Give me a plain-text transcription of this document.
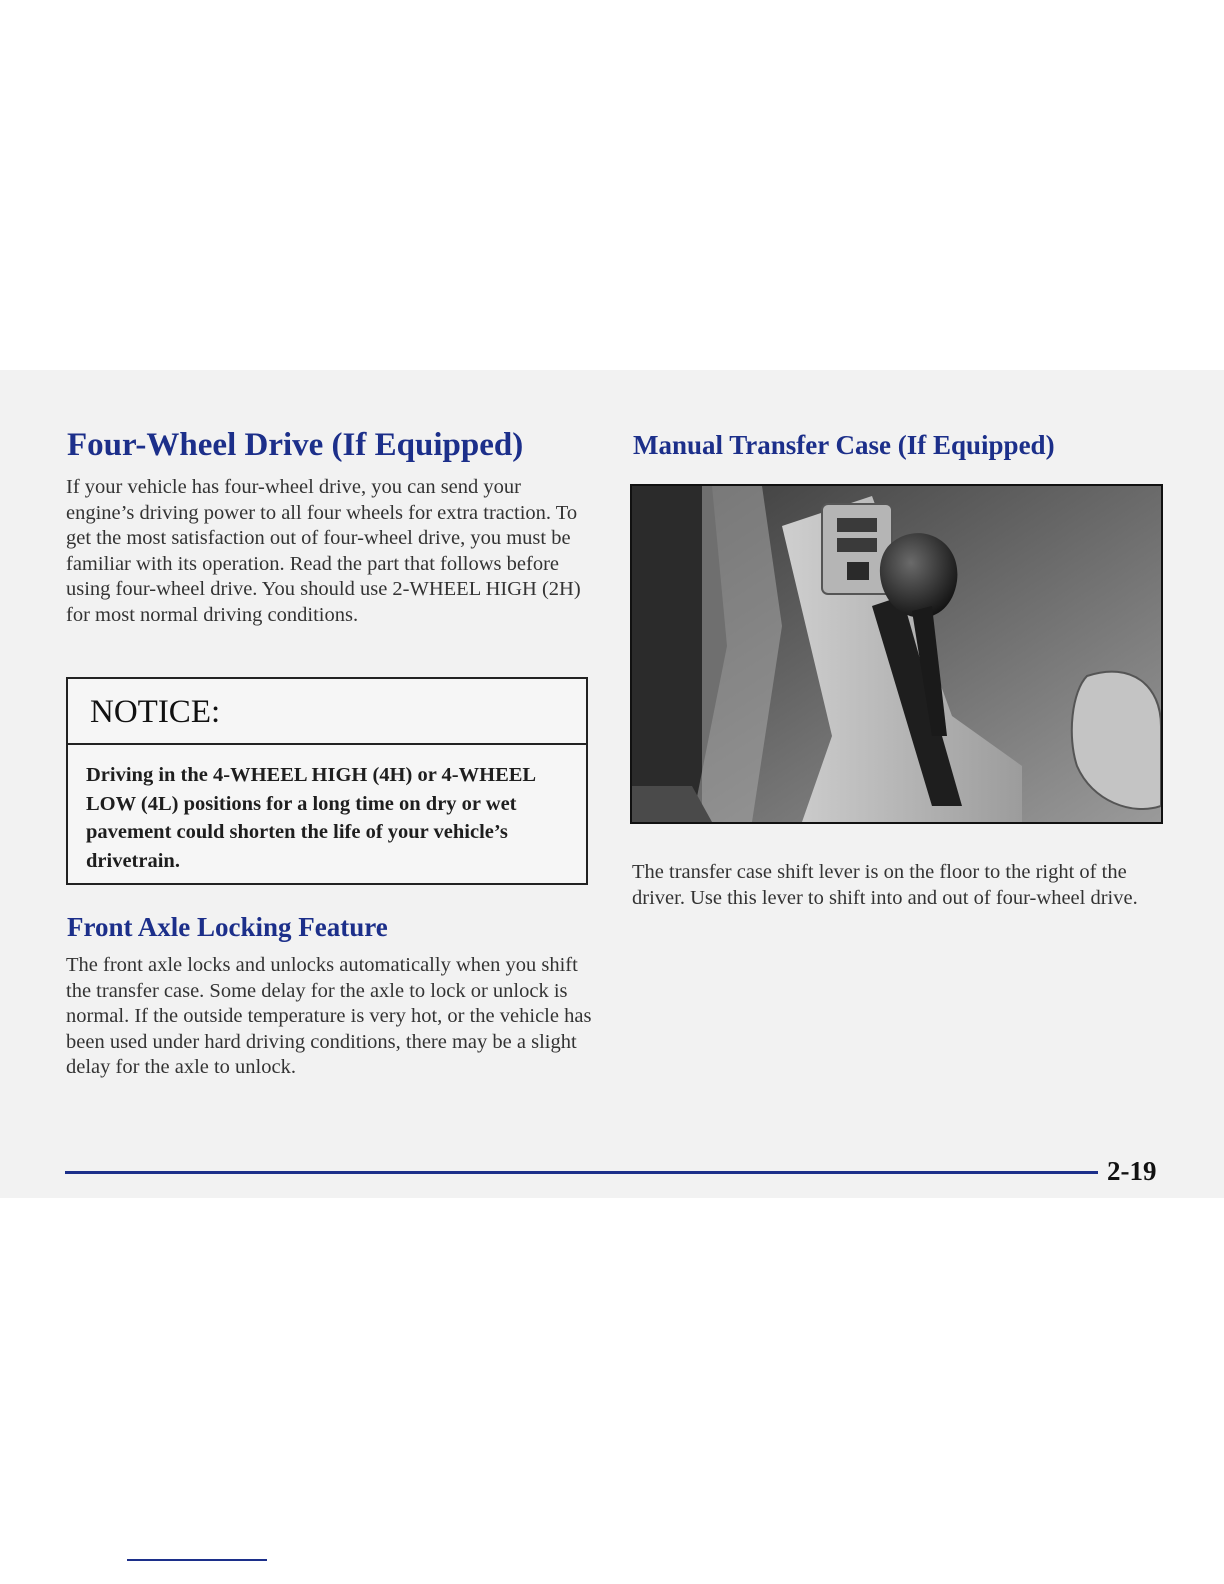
Four-Wheel Drive (If Equipped)

If your vehicle has four-wheel drive, you can send your engine’s driving power to all four wheels for extra traction. To get the most satisfaction out of four-wheel drive, you must be familiar with its operation. Read the part that follows before using four-wheel drive. You should use 2-WHEEL HIGH (2H) for most normal driving conditions.

NOTICE:

Driving in the 4-WHEEL HIGH (4H) or 4-WHEEL LOW (4L) positions for a long time on dry or wet pavement could shorten the life of your vehicle’s drivetrain.

Front Axle Locking Feature

The front axle locks and unlocks automatically when you shift the transfer case. Some delay for the axle to lock or unlock is normal. If the outside temperature is very hot, or the vehicle has been used under hard driving conditions, there may be a slight delay for the axle to unlock.

Manual Transfer Case (If Equipped)

The transfer case shift lever is on the floor to the right of the driver. Use this lever to shift into and out of four-wheel drive.

2-19
